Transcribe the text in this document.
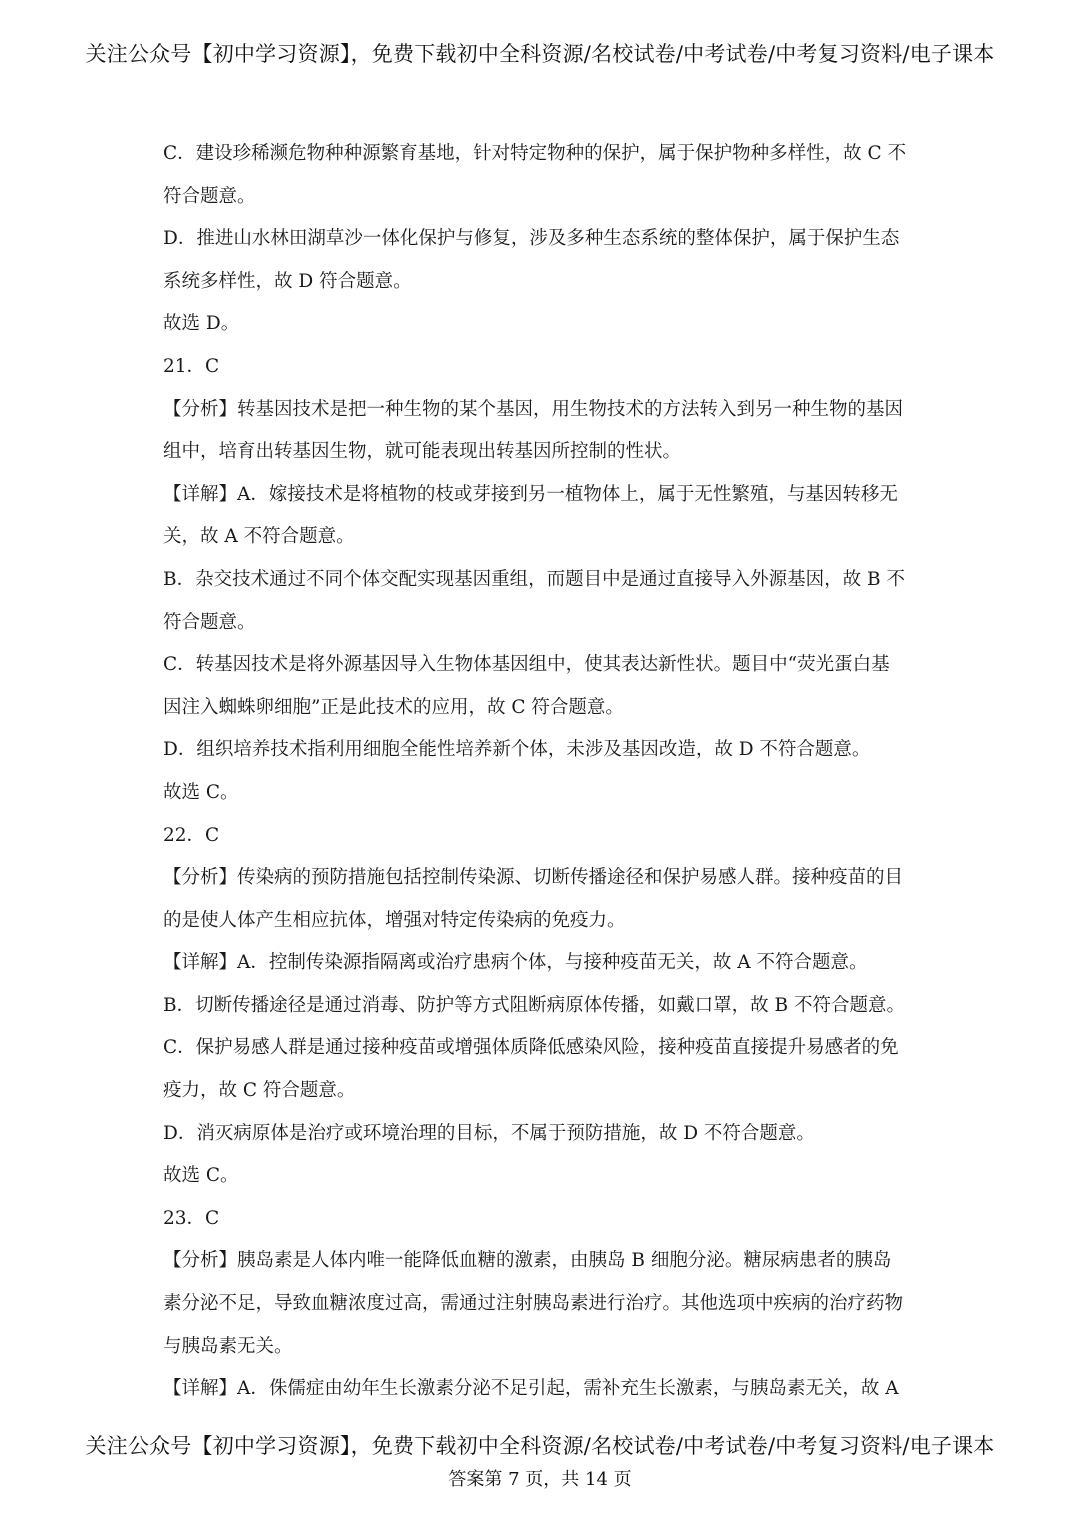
关注公众号【初中学习资源】，免费下载初中全科资源/名校试卷/中考试卷/中考复习资料/电子课本
C．建设珍稀濒危物种种源繁育基地，针对特定物种的保护，属于保护物种多样性，故 C 不
符合题意。
D．推进山水林田湖草沙一体化保护与修复，涉及多种生态系统的整体保护，属于保护生态
系统多样性，故 D 符合题意。
故选 D。
21．C
【分析】转基因技术是把一种生物的某个基因，用生物技术的方法转入到另一种生物的基因
组中，培育出转基因生物，就可能表现出转基因所控制的性状。
【详解】A．嫁接技术是将植物的枝或芽接到另一植物体上，属于无性繁殖，与基因转移无
关，故 A 不符合题意。
B．杂交技术通过不同个体交配实现基因重组，而题目中是通过直接导入外源基因，故 B 不
符合题意。
C．转基因技术是将外源基因导入生物体基因组中，使其表达新性状。题目中“荧光蛋白基
因注入蜘蛛卵细胞”正是此技术的应用，故 C 符合题意。
D．组织培养技术指利用细胞全能性培养新个体，未涉及基因改造，故 D 不符合题意。
故选 C。
22．C
【分析】传染病的预防措施包括控制传染源、切断传播途径和保护易感人群。接种疫苗的目
的是使人体产生相应抗体，增强对特定传染病的免疫力。
【详解】A．控制传染源指隔离或治疗患病个体，与接种疫苗无关，故 A 不符合题意。
B．切断传播途径是通过消毒、防护等方式阻断病原体传播，如戴口罩，故 B 不符合题意。
C．保护易感人群是通过接种疫苗或增强体质降低感染风险，接种疫苗直接提升易感者的免
疫力，故 C 符合题意。
D．消灭病原体是治疗或环境治理的目标，不属于预防措施，故 D 不符合题意。
故选 C。
23．C
【分析】胰岛素是人体内唯一能降低血糖的激素，由胰岛 B 细胞分泌。糖尿病患者的胰岛
素分泌不足，导致血糖浓度过高，需通过注射胰岛素进行治疗。其他选项中疾病的治疗药物
与胰岛素无关。
【详解】A．侏儒症由幼年生长激素分泌不足引起，需补充生长激素，与胰岛素无关，故 A
关注公众号【初中学习资源】，免费下载初中全科资源/名校试卷/中考试卷/中考复习资料/电子课本
答案第 7 页，共 14 页
